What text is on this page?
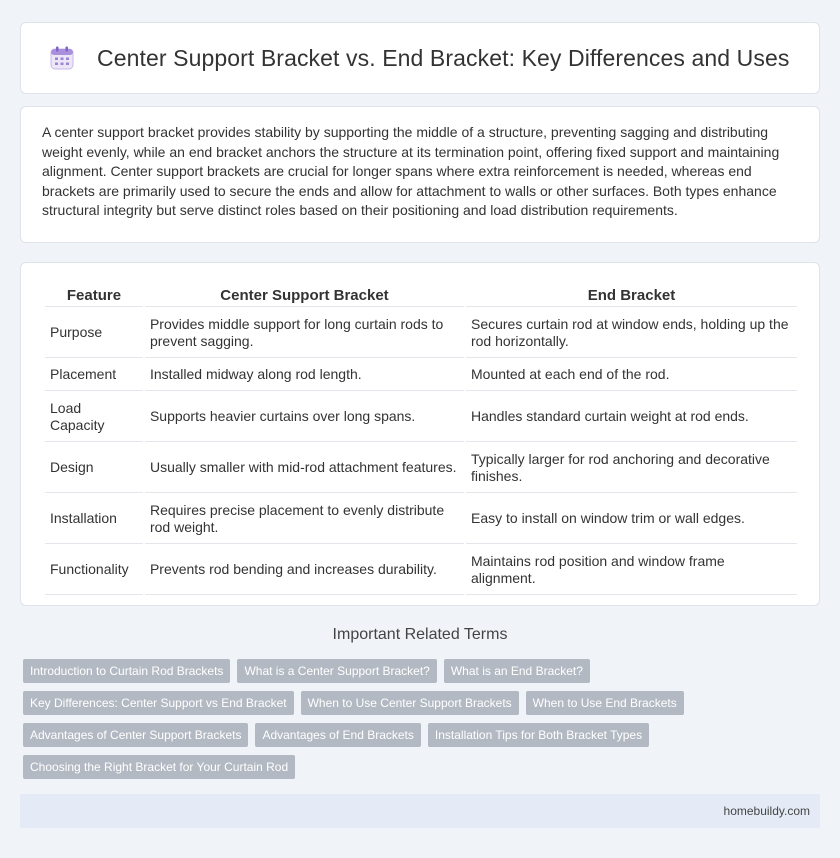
Center Support Bracket vs. End Bracket: Key Differences and Uses

A center support bracket provides stability by supporting the middle of a structure, preventing sagging and distributing weight evenly, while an end bracket anchors the structure at its termination point, offering fixed support and maintaining alignment. Center support brackets are crucial for longer spans where extra reinforcement is needed, whereas end brackets are primarily used to secure the ends and allow for attachment to walls or other surfaces. Both types enhance structural integrity but serve distinct roles based on their positioning and load distribution requirements.

Feature	Center Support Bracket	End Bracket
Purpose	Provides middle support for long curtain rods to prevent sagging.	Secures curtain rod at window ends, holding up the rod horizontally.
Placement	Installed midway along rod length.	Mounted at each end of the rod.
Load Capacity	Supports heavier curtains over long spans.	Handles standard curtain weight at rod ends.
Design	Usually smaller with mid-rod attachment features.	Typically larger for rod anchoring and decorative finishes.
Installation	Requires precise placement to evenly distribute rod weight.	Easy to install on window trim or wall edges.
Functionality	Prevents rod bending and increases durability.	Maintains rod position and window frame alignment.
Important Related Terms
Introduction to Curtain Rod Brackets	What is a Center Support Bracket?	What is an End Bracket?
Key Differences: Center Support vs End Bracket	When to Use Center Support Brackets	When to Use End Brackets
Advantages of Center Support Brackets	Advantages of End Brackets	Installation Tips for Both Bracket Types
Choosing the Right Bracket for Your Curtain Rod
homebuildy.com
